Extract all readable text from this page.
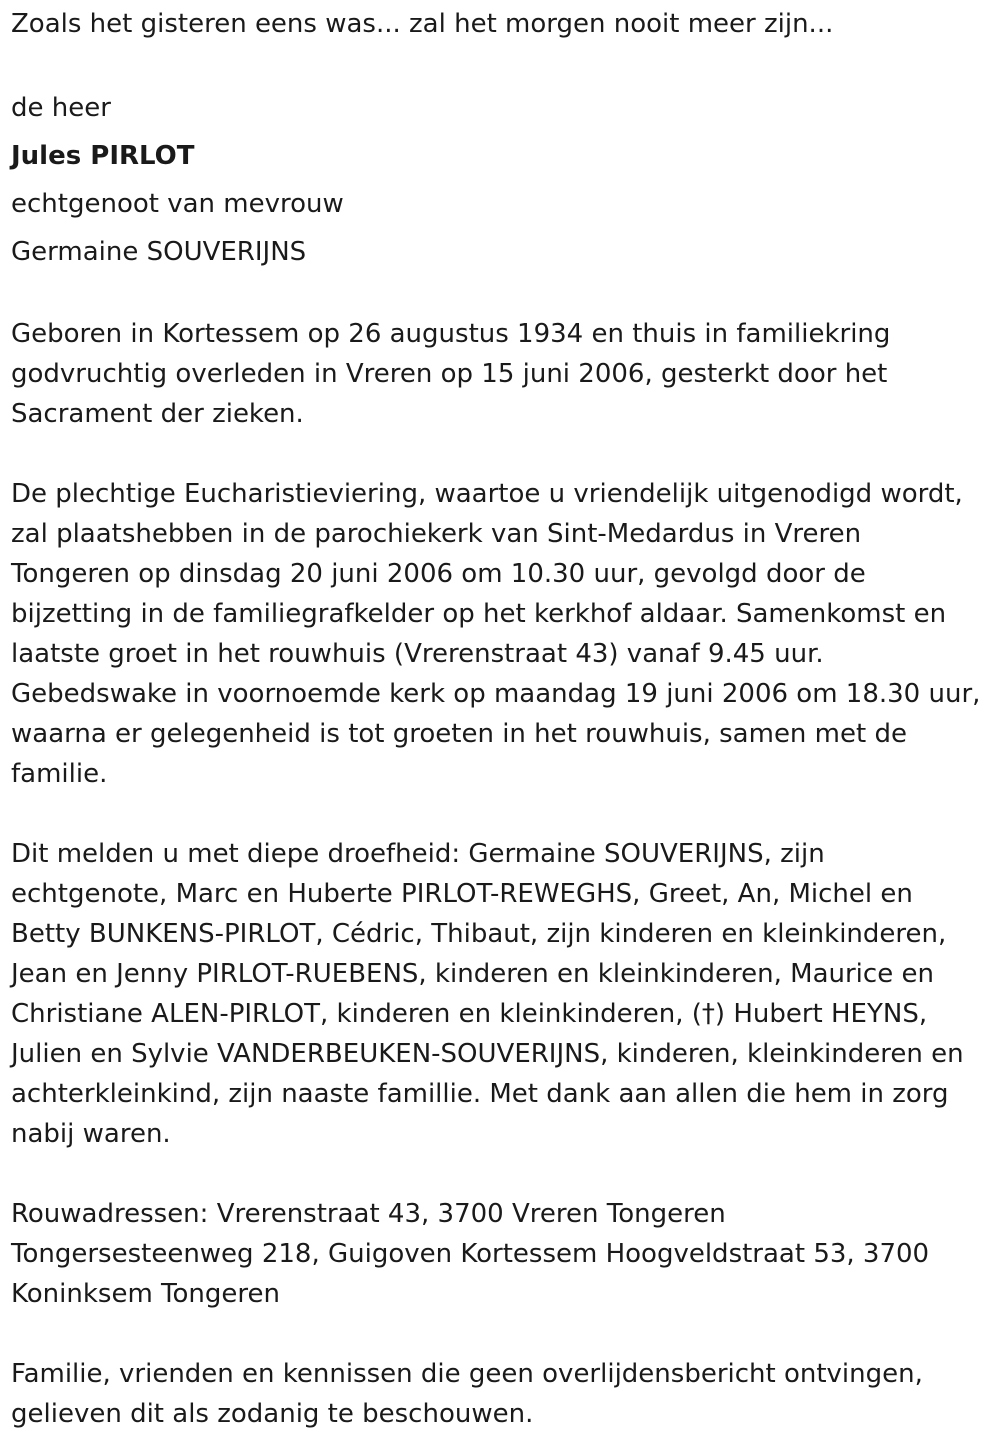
Zoals het gisteren eens was... zal het morgen nooit meer zijn...

de heer

Jules PIRLOT

echtgenoot van mevrouw

Germaine SOUVERIJNS

Geboren in Kortessem op 26 augustus 1934 en thuis in familiekring

godvruchtig overleden in Vreren op 15 juni 2006, gesterkt door het

Sacrament der zieken.

De plechtige Eucharistieviering, waartoe u vriendelijk uitgenodigd wordt,

zal plaatshebben in de parochiekerk van Sint-Medardus in Vreren

Tongeren op dinsdag 20 juni 2006 om 10.30 uur, gevolgd door de

bijzetting in de familiegrafkelder op het kerkhof aldaar. Samenkomst en

laatste groet in het rouwhuis (Vrerenstraat 43) vanaf 9.45 uur.

Gebedswake in voornoemde kerk op maandag 19 juni 2006 om 18.30 uur,

waarna er gelegenheid is tot groeten in het rouwhuis, samen met de

familie.

Dit melden u met diepe droefheid: Germaine SOUVERIJNS, zijn

echtgenote, Marc en Huberte PIRLOT-REWEGHS, Greet, An, Michel en

Betty BUNKENS-PIRLOT, Cédric, Thibaut, zijn kinderen en kleinkinderen,

Jean en Jenny PIRLOT-RUEBENS, kinderen en kleinkinderen, Maurice en

Christiane ALEN-PIRLOT, kinderen en kleinkinderen, (†) Hubert HEYNS,

Julien en Sylvie VANDERBEUKEN-SOUVERIJNS, kinderen, kleinkinderen en

achterkleinkind, zijn naaste famillie. Met dank aan allen die hem in zorg

nabij waren.

Rouwadressen: Vrerenstraat 43, 3700 Vreren Tongeren

Tongersesteenweg 218, Guigoven Kortessem Hoogveldstraat 53, 3700

Koninksem Tongeren

Familie, vrienden en kennissen die geen overlijdensbericht ontvingen,

gelieven dit als zodanig te beschouwen.
